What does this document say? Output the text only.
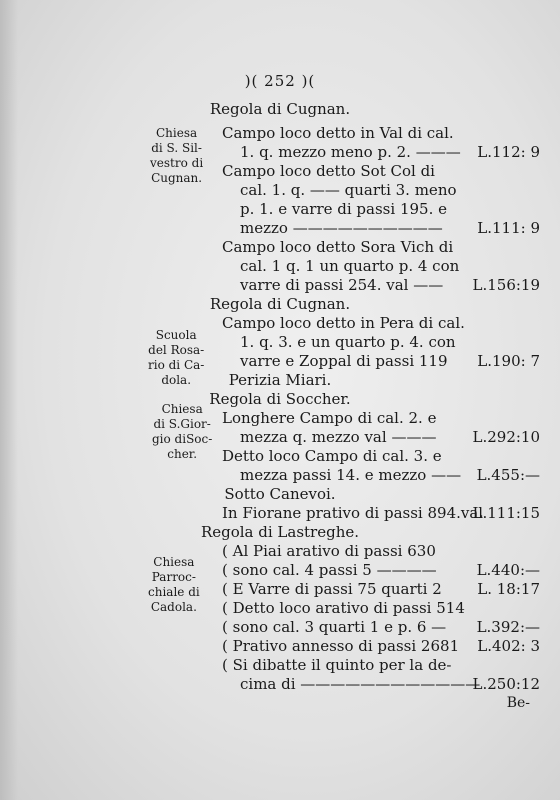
)( 252 )(
Regola di Cugnan.
Chiesa
di S. Sil-
vestro di
Cugnan.
Campo loco detto in Val di cal.
1. q. mezzo meno p. 2. ——— L.112: 9
Campo loco detto Sot Col di
cal. 1. q. —— quarti 3. meno
p. 1. e varre di passi 195. e
mezzo —————————— L.111: 9
Campo loco detto Sora Vich di
cal. 1 q. 1 un quarto p. 4 con
varre di passi 254. val —— L.156:19
Regola di Cugnan.
Scuola
del Rosa-
rio di Ca-
dola.
Campo loco detto in Pera di cal.
1. q. 3. e un quarto p. 4. con
varre e Zoppal di passi 119 L.190: 7
Perizia Miari.
Regola di Soccher.
Chiesa
di S.Gior-
gio diSoc-
cher.
Longhere Campo di cal. 2. e
mezza q. mezzo val ——— L.292:10
Detto loco Campo di cal. 3. e
mezza passi 14. e mezzo —— L.455:—
Sotto Canevoi.
In Fiorane prativo di passi 894.val
L.111:15
Regola di Lastreghe.
Chiesa
Parroc-
chiale di
Cadola.
( Al Piai arativo di passi 630
( sono cal. 4 passi 5 ————	L.440:—
( E Varre di passi 75 quarti 2 L. 18:17
( Detto loco arativo di passi 514
( sono cal. 3 quarti 1 e p. 6 — L.392:—
( Prativo annesso di passi 2681 L.402: 3
( Si dibatte il quinto per la de-
cima di ————————————
L.250:12
Be-
